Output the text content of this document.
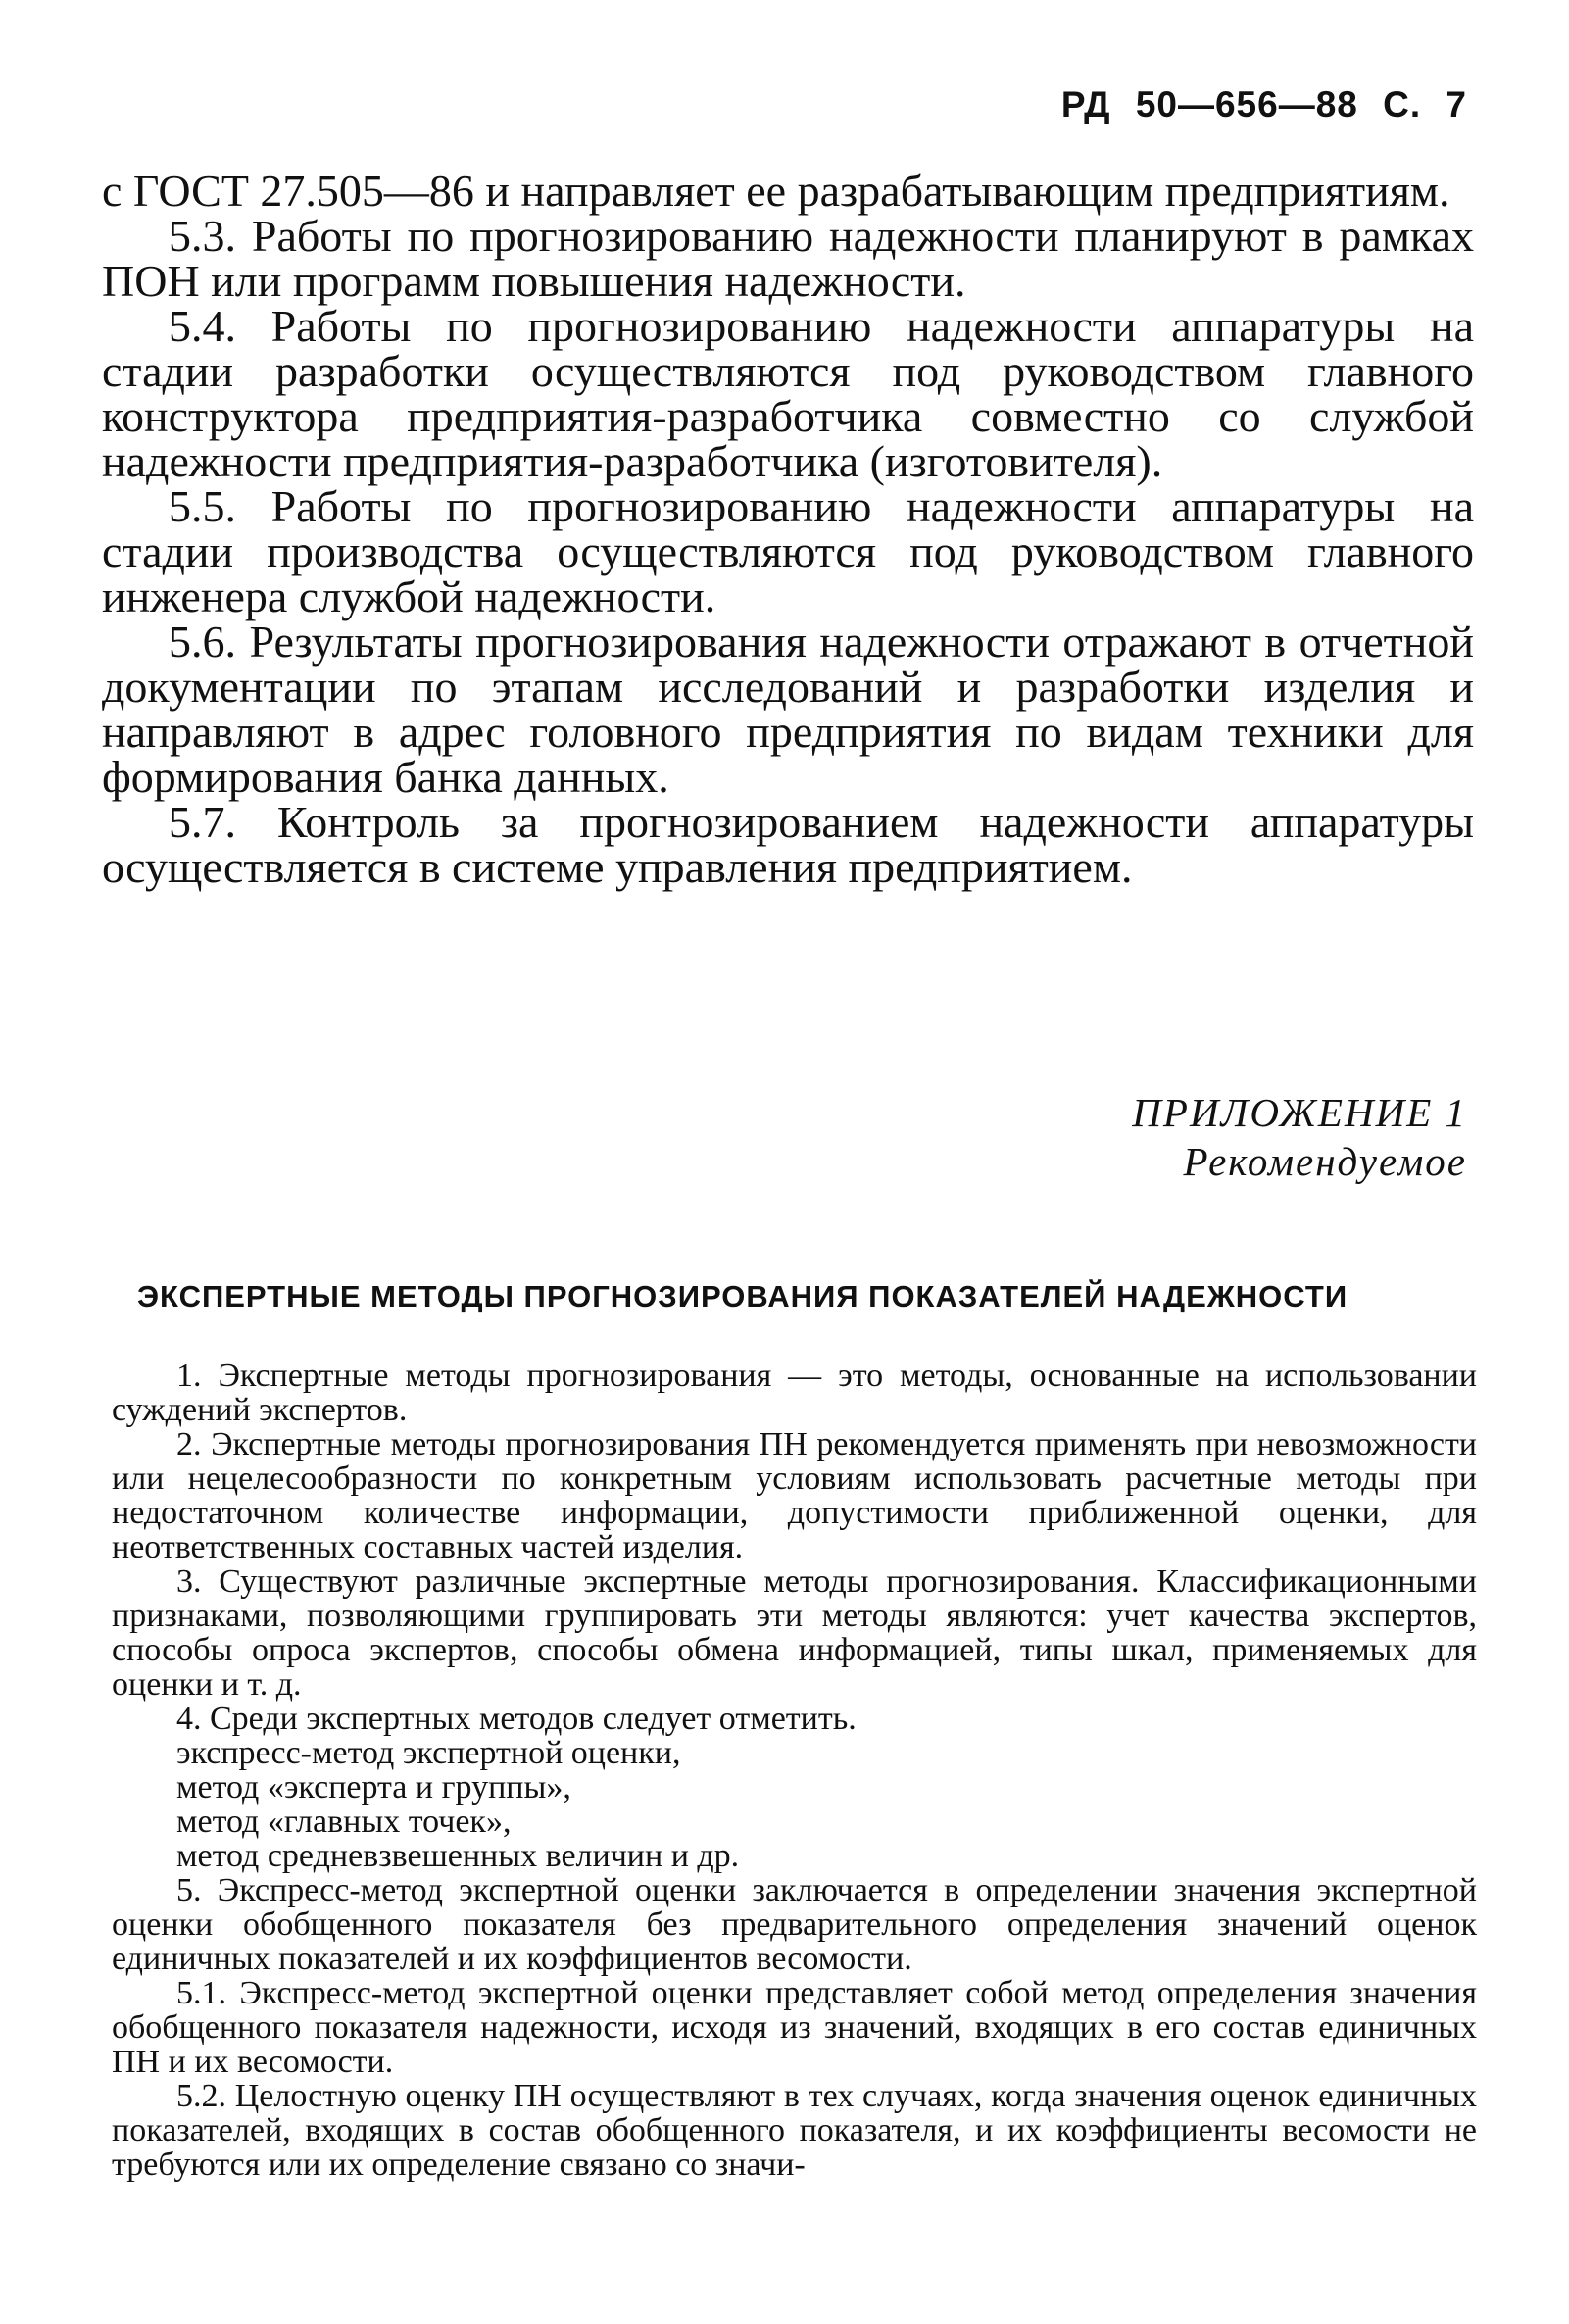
РД 50—656—88 С. 7

с ГОСТ 27.505—86 и направляет ее разрабатывающим предприятиям.

5.3. Работы по прогнозированию надежности планируют в рамках ПОН или программ повышения надежности.

5.4. Работы по прогнозированию надежности аппаратуры на стадии разработки осуществляются под руководством главного конструктора предприятия-разработчика совместно со службой надежности предприятия-разработчика (изготовителя).

5.5. Работы по прогнозированию надежности аппаратуры на стадии производства осуществляются под руководством главного инженера службой надежности.

5.6. Результаты прогнозирования надежности отражают в отчетной документации по этапам исследований и разработки изделия и направляют в адрес головного предприятия по видам техники для формирования банка данных.

5.7. Контроль за прогнозированием надежности аппаратуры осуществляется в системе управления предприятием.

ПРИЛОЖЕНИЕ 1
Рекомендуемое
ЭКСПЕРТНЫЕ МЕТОДЫ ПРОГНОЗИРОВАНИЯ ПОКАЗАТЕЛЕЙ НАДЕЖНОСТИ

1. Экспертные методы прогнозирования — это методы, основанные на использовании суждений экспертов.

2. Экспертные методы прогнозирования ПН рекомендуется применять при невозможности или нецелесообразности по конкретным условиям использовать расчетные методы при недостаточном количестве информации, допустимости приближенной оценки, для неответственных составных частей изделия.

3. Существуют различные экспертные методы прогнозирования. Классификационными признаками, позволяющими группировать эти методы являются: учет качества экспертов, способы опроса экспертов, способы обмена информацией, типы шкал, применяемых для оценки и т. д.

4. Среди экспертных методов следует отметить.

экспресс-метод экспертной оценки,

метод «эксперта и группы»,

метод «главных точек»,

метод средневзвешенных величин и др.

5. Экспресс-метод экспертной оценки заключается в определении значения экспертной оценки обобщенного показателя без предварительного определения значений оценок единичных показателей и их коэффициентов весомости.

5.1. Экспресс-метод экспертной оценки представляет собой метод определения значения обобщенного показателя надежности, исходя из значений, входящих в его состав единичных ПН и их весомости.

5.2. Целостную оценку ПН осуществляют в тех случаях, когда значения оценок единичных показателей, входящих в состав обобщенного показателя, и их коэффициенты весомости не требуются или их определение связано со значи-
